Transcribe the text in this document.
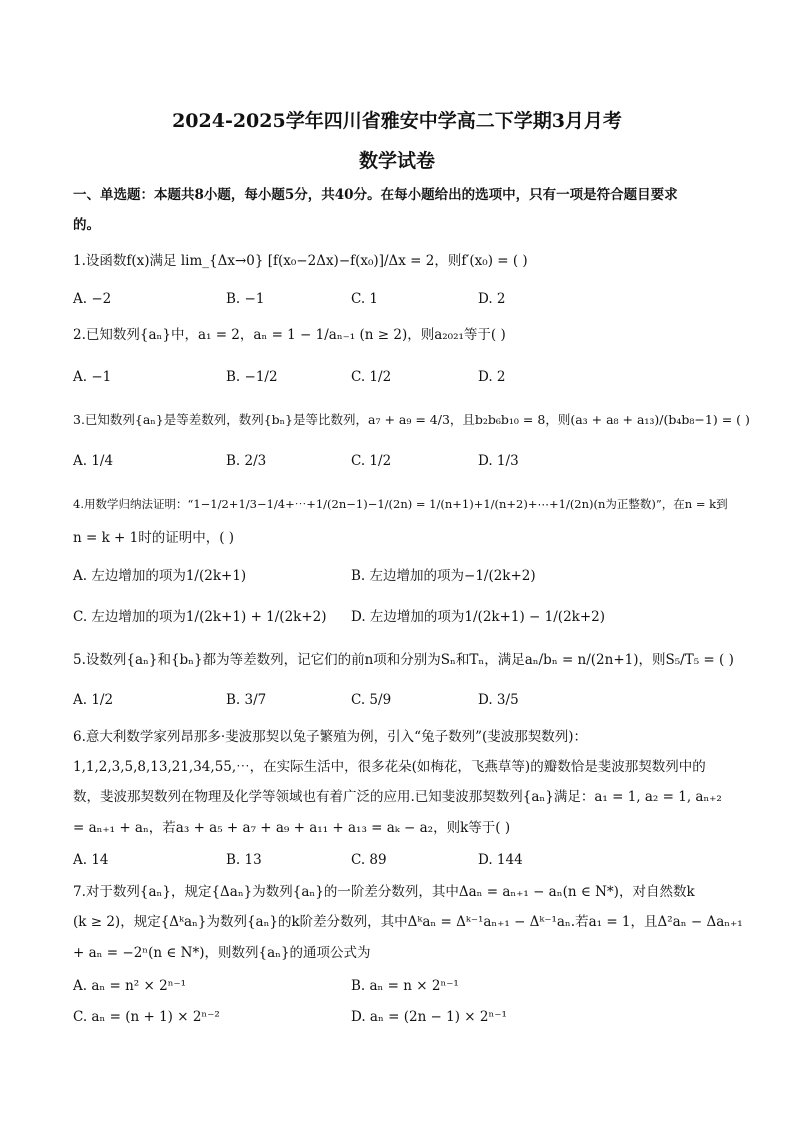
2024-2025学年四川省雅安中学高二下学期3月月考
数学试卷
一、单选题：本题共8小题，每小题5分，共40分。在每小题给出的选项中，只有一项是符合题目要求
的。
1.设函数f(x)满足 lim_{Δx→0} [f(x₀−2Δx)−f(x₀)]/Δx = 2，则f′(x₀) = ( )
A. −2	B. −1	C. 1	D. 2
2.已知数列{aₙ}中，a₁ = 2，aₙ = 1 − 1/aₙ₋₁ (n ≥ 2)，则a₂₀₂₁等于( )
A. −1	B. −1/2	C. 1/2	D. 2
3.已知数列{aₙ}是等差数列，数列{bₙ}是等比数列，a₇ + a₉ = 4/3，且b₂b₆b₁₀ = 8，则(a₃ + a₈ + a₁₃)/(b₄b₈−1) = ( )
A. 1/4	B. 2/3	C. 1/2	D. 1/3
4.用数学归纳法证明：“1−1/2+1/3−1/4+⋯+1/(2n−1)−1/(2n) = 1/(n+1)+1/(n+2)+⋯+1/(2n)(n为正整数)”，在n = k到
n = k + 1时的证明中，( )
A. 左边增加的项为1/(2k+1)	B. 左边增加的项为−1/(2k+2)
C. 左边增加的项为1/(2k+1) + 1/(2k+2) D. 左边增加的项为1/(2k+1) − 1/(2k+2)
5.设数列{aₙ}和{bₙ}都为等差数列，记它们的前n项和分别为Sₙ和Tₙ，满足aₙ/bₙ = n/(2n+1)，则S₅/T₅ = ( )
A. 1/2	B. 3/7	C. 5/9	D. 3/5
6.意大利数学家列昂那多·斐波那契以兔子繁殖为例，引入“兔子数列”(斐波那契数列)：
1,1,2,3,5,8,13,21,34,55,⋯，在实际生活中，很多花朵(如梅花，飞燕草等)的瓣数恰是斐波那契数列中的
数，斐波那契数列在物理及化学等领域也有着广泛的应用.已知斐波那契数列{aₙ}满足：a₁ = 1, a₂ = 1, aₙ₊₂
= aₙ₊₁ + aₙ，若a₃ + a₅ + a₇ + a₉ + a₁₁ + a₁₃ = aₖ − a₂，则k等于( )
A. 14	B. 13	C. 89	D. 144
7.对于数列{aₙ}，规定{Δaₙ}为数列{aₙ}的一阶差分数列，其中Δaₙ = aₙ₊₁ − aₙ(n ∈ N*)，对自然数k
(k ≥ 2)，规定{Δᵏaₙ}为数列{aₙ}的k阶差分数列，其中Δᵏaₙ = Δᵏ⁻¹aₙ₊₁ − Δᵏ⁻¹aₙ.若a₁ = 1，且Δ²aₙ − Δaₙ₊₁
+ aₙ = −2ⁿ(n ∈ N*)，则数列{aₙ}的通项公式为
A. aₙ = n² × 2ⁿ⁻¹	B. aₙ = n × 2ⁿ⁻¹
C. aₙ = (n + 1) × 2ⁿ⁻²	D. aₙ = (2n − 1) × 2ⁿ⁻¹
